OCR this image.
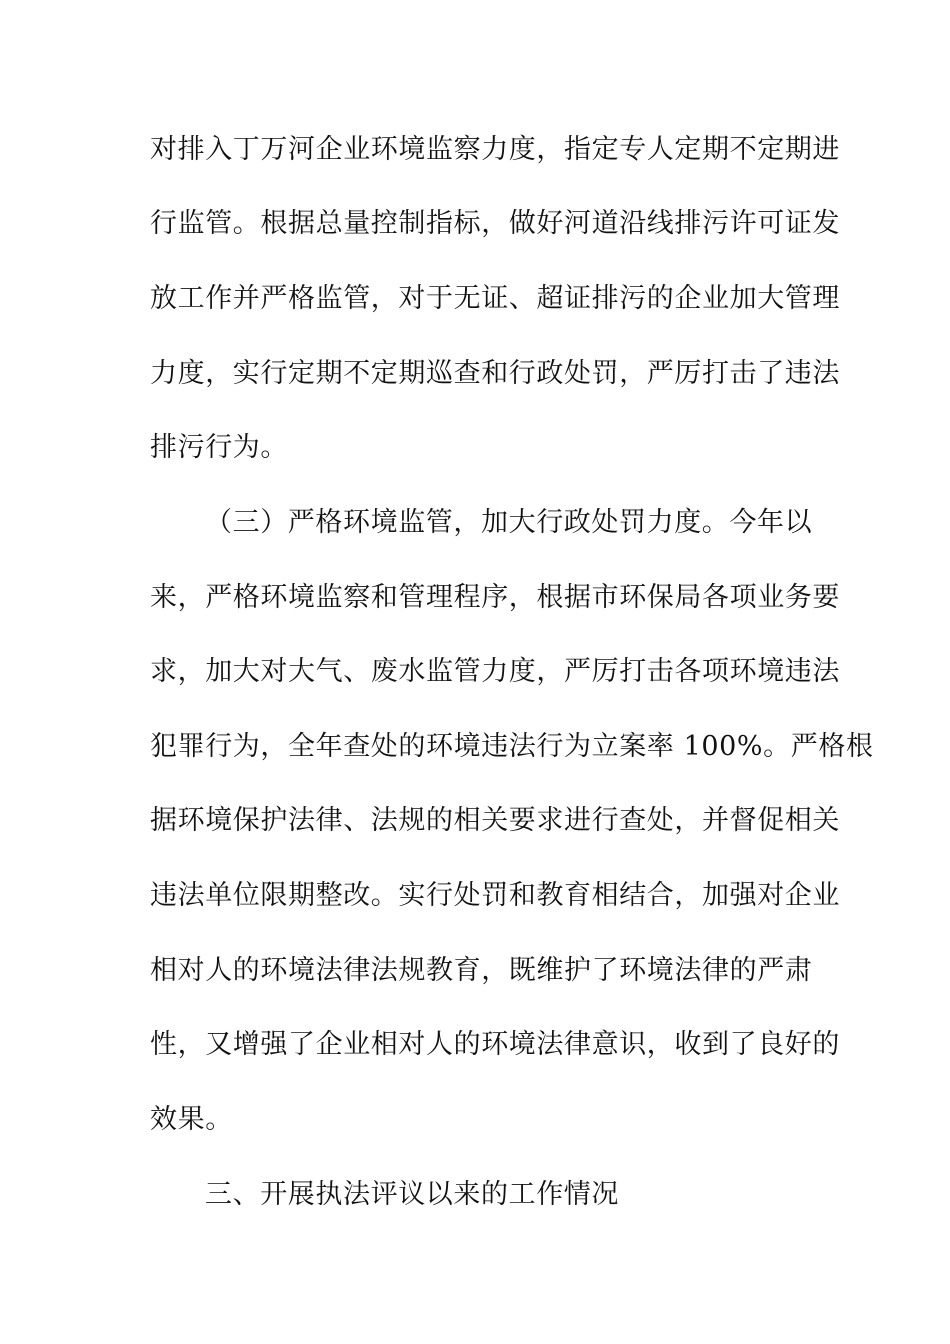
对排入丁万河企业环境监察力度，指定专人定期不定期进

行监管。根据总量控制指标，做好河道沿线排污许可证发

放工作并严格监管，对于无证、超证排污的企业加大管理

力度，实行定期不定期巡查和行政处罚，严厉打击了违法

排污行为。

（三）严格环境监管，加大行政处罚力度。今年以

来，严格环境监察和管理程序，根据市环保局各项业务要

求，加大对大气、废水监管力度，严厉打击各项环境违法

犯罪行为，全年查处的环境违法行为立案率 100%。严格根

据环境保护法律、法规的相关要求进行查处，并督促相关

违法单位限期整改。实行处罚和教育相结合，加强对企业

相对人的环境法律法规教育，既维护了环境法律的严肃

性，又增强了企业相对人的环境法律意识，收到了良好的

效果。

三、开展执法评议以来的工作情况
